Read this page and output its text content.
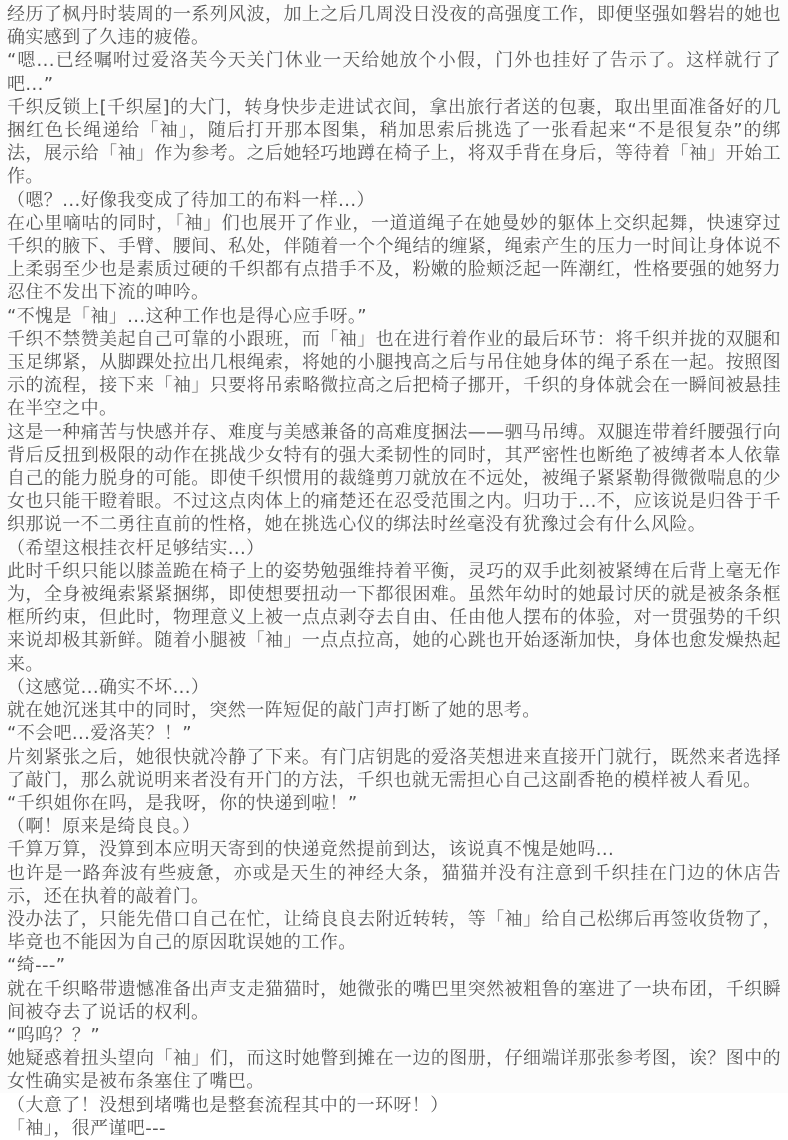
经历了枫丹时装周的一系列风波，加上之后几周没日没夜的高强度工作，即便坚强如磐岩的她也确实感到了久违的疲倦。

“嗯...已经嘱咐过爱洛芙今天关门休业一天给她放个小假，门外也挂好了告示了。这样就行了吧...”

千织反锁上[千织屋]的大门，转身快步走进试衣间，拿出旅行者送的包裹，取出里面准备好的几捆红色长绳递给「袖」，随后打开那本图集，稍加思索后挑选了一张看起来“不是很复杂”的绑法，展示给「袖」作为参考。之后她轻巧地蹲在椅子上，将双手背在身后，等待着「袖」开始工作。

（嗯？...好像我变成了待加工的布料一样...）

在心里嘀咕的同时，「袖」们也展开了作业，一道道绳子在她曼妙的躯体上交织起舞，快速穿过千织的腋下、手臂、腰间、私处，伴随着一个个绳结的缠紧，绳索产生的压力一时间让身体说不上柔弱至少也是素质过硬的千织都有点措手不及，粉嫩的脸颊泛起一阵潮红，性格要强的她努力忍住不发出下流的呻吟。

“不愧是「袖」...这种工作也是得心应手呀。”

千织不禁赞美起自己可靠的小跟班，而「袖」也在进行着作业的最后环节：将千织并拢的双腿和玉足绑紧，从脚踝处拉出几根绳索，将她的小腿拽高之后与吊住她身体的绳子系在一起。按照图示的流程，接下来「袖」只要将吊索略微拉高之后把椅子挪开，千织的身体就会在一瞬间被悬挂在半空之中。

这是一种痛苦与快感并存、难度与美感兼备的高难度捆法——驷马吊缚。双腿连带着纤腰强行向背后反扭到极限的动作在挑战少女特有的强大柔韧性的同时，其严密性也断绝了被缚者本人依靠自己的能力脱身的可能。即使千织惯用的裁缝剪刀就放在不远处，被绳子紧紧勒得微微喘息的少女也只能干瞪着眼。不过这点肉体上的痛楚还在忍受范围之内。归功于...不，应该说是归咎于千织那说一不二勇往直前的性格，她在挑选心仪的绑法时丝毫没有犹豫过会有什么风险。

（希望这根挂衣杆足够结实...）

此时千织只能以膝盖跪在椅子上的姿势勉强维持着平衡，灵巧的双手此刻被紧缚在后背上毫无作为，全身被绳索紧紧捆绑，即使想要扭动一下都很困难。虽然年幼时的她最讨厌的就是被条条框框所约束，但此时，物理意义上被一点点剥夺去自由、任由他人摆布的体验，对一贯强势的千织来说却极其新鲜。随着小腿被「袖」一点点拉高，她的心跳也开始逐渐加快，身体也愈发燥热起来。

（这感觉...确实不坏...）

就在她沉迷其中的同时，突然一阵短促的敲门声打断了她的思考。

“不会吧...爱洛芙？！”

片刻紧张之后，她很快就冷静了下来。有门店钥匙的爱洛芙想进来直接开门就行，既然来者选择了敲门，那么就说明来者没有开门的方法，千织也就无需担心自己这副香艳的模样被人看见。

“千织姐你在吗，是我呀，你的快递到啦！”

（啊！原来是绮良良。）

千算万算，没算到本应明天寄到的快递竟然提前到达，该说真不愧是她吗...

也许是一路奔波有些疲惫，亦或是天生的神经大条，猫猫并没有注意到千织挂在门边的休店告示，还在执着的敲着门。

没办法了，只能先借口自己在忙，让绮良良去附近转转，等「袖」给自己松绑后再签收货物了，毕竟也不能因为自己的原因耽误她的工作。

“绮---”

就在千织略带遗憾准备出声支走猫猫时，她微张的嘴巴里突然被粗鲁的塞进了一块布团，千织瞬间被夺去了说话的权利。

“呜呜？？”

她疑惑着扭头望向「袖」们，而这时她瞥到摊在一边的图册，仔细端详那张参考图，诶？图中的女性确实是被布条塞住了嘴巴。

（大意了！没想到堵嘴也是整套流程其中的一环呀！）

「袖」，很严谨吧---
